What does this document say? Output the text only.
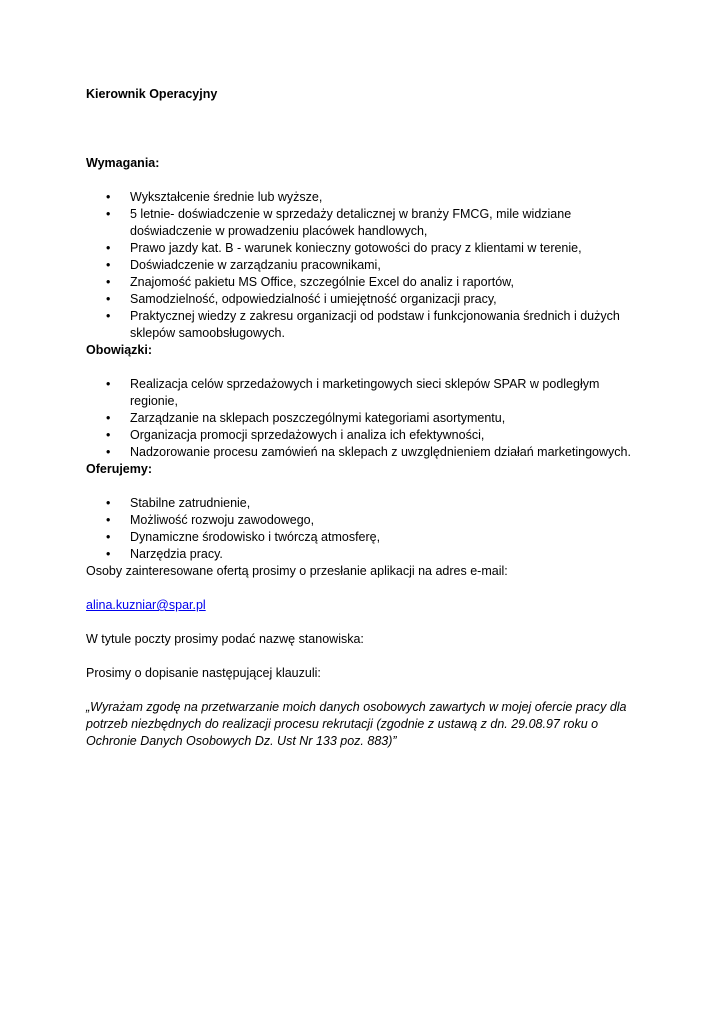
Kierownik Operacyjny

Wymagania:

• Wykształcenie średnie lub wyższe,
• 5 letnie- doświadczenie w sprzedaży detalicznej w branży FMCG, mile widziane doświadczenie w prowadzeniu placówek handlowych,
• Prawo jazdy kat. B - warunek konieczny gotowości do pracy z klientami w terenie,
• Doświadczenie w zarządzaniu pracownikami,
• Znajomość pakietu MS Office, szczególnie Excel do analiz i raportów,
• Samodzielność, odpowiedzialność i umiejętność organizacji pracy,
• Praktycznej wiedzy z zakresu organizacji od podstaw i funkcjonowania średnich i dużych sklepów samoobsługowych.

Obowiązki:

• Realizacja celów sprzedażowych i marketingowych sieci sklepów SPAR w podległym regionie,
• Zarządzanie na sklepach poszczególnymi kategoriami asortymentu,
• Organizacja promocji sprzedażowych i analiza ich efektywności,
• Nadzorowanie procesu zamówień na sklepach z uwzględnieniem działań marketingowych.

Oferujemy:

• Stabilne zatrudnienie,
• Możliwość rozwoju zawodowego,
• Dynamiczne środowisko i twórczą atmosferę,
• Narzędzia pracy.

Osoby zainteresowane ofertą prosimy o przesłanie aplikacji na adres e-mail:

alina.kuzniar@spar.pl

W tytule poczty prosimy podać nazwę stanowiska:

Prosimy o dopisanie następującej klauzuli:

„Wyrażam zgodę na przetwarzanie moich danych osobowych zawartych w mojej ofercie pracy dla potrzeb niezbędnych do realizacji procesu rekrutacji (zgodnie z ustawą z dn. 29.08.97 roku o Ochronie Danych Osobowych Dz. Ust Nr 133 poz. 883)”
